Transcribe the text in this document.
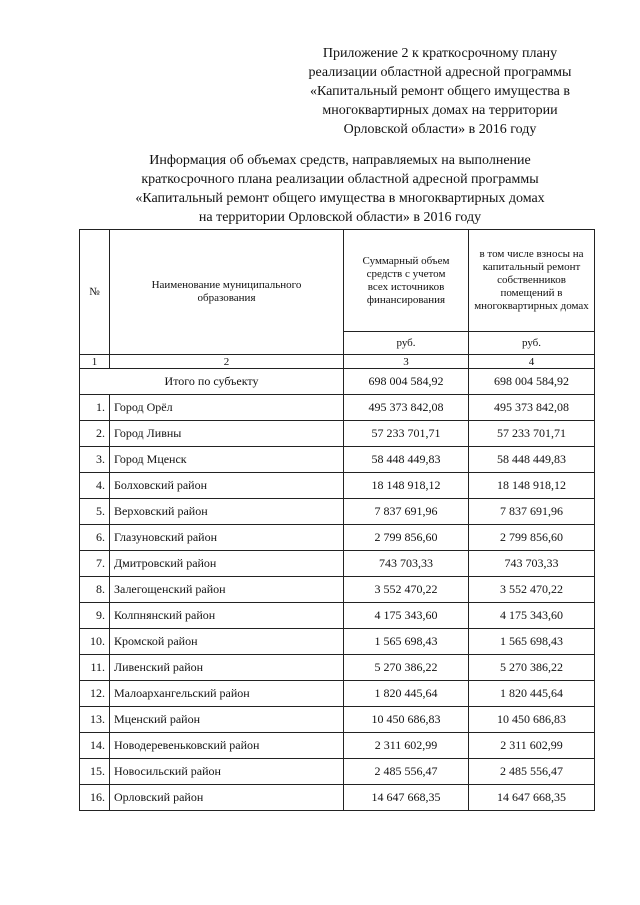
Приложение 2 к краткосрочному плану
реализации областной адресной программы
«Капитальный ремонт общего имущества в
многоквартирных домах на территории
Орловской области» в 2016 году
Информация об объемах средств, направляемых на выполнение
краткосрочного плана реализации областной адресной программы
«Капитальный ремонт общего имущества в многоквартирных домах
на территории Орловской области» в 2016 году
№	Наименование муниципального образования	Суммарный объем средств с учетом всех источников финансирования	в том числе взносы на капитальный ремонт собственников помещений в многоквартирных домах
		руб.	руб.
1	2	3	4
Итого по субъекту		698 004 584,92	698 004 584,92
1.	Город Орёл	495 373 842,08	495 373 842,08
2.	Город Ливны	57 233 701,71	57 233 701,71
3.	Город Мценск	58 448 449,83	58 448 449,83
4.	Болховский район	18 148 918,12	18 148 918,12
5.	Верховский район	7 837 691,96	7 837 691,96
6.	Глазуновский район	2 799 856,60	2 799 856,60
7.	Дмитровский район	743 703,33	743 703,33
8.	Залегощенский район	3 552 470,22	3 552 470,22
9.	Колпнянский район	4 175 343,60	4 175 343,60
10.	Кромской район	1 565 698,43	1 565 698,43
11.	Ливенский район	5 270 386,22	5 270 386,22
12.	Малоархангельский район	1 820 445,64	1 820 445,64
13.	Мценский район	10 450 686,83	10 450 686,83
14.	Новодеревеньковский район	2 311 602,99	2 311 602,99
15.	Новосильский район	2 485 556,47	2 485 556,47
16.	Орловский район	14 647 668,35	14 647 668,35
